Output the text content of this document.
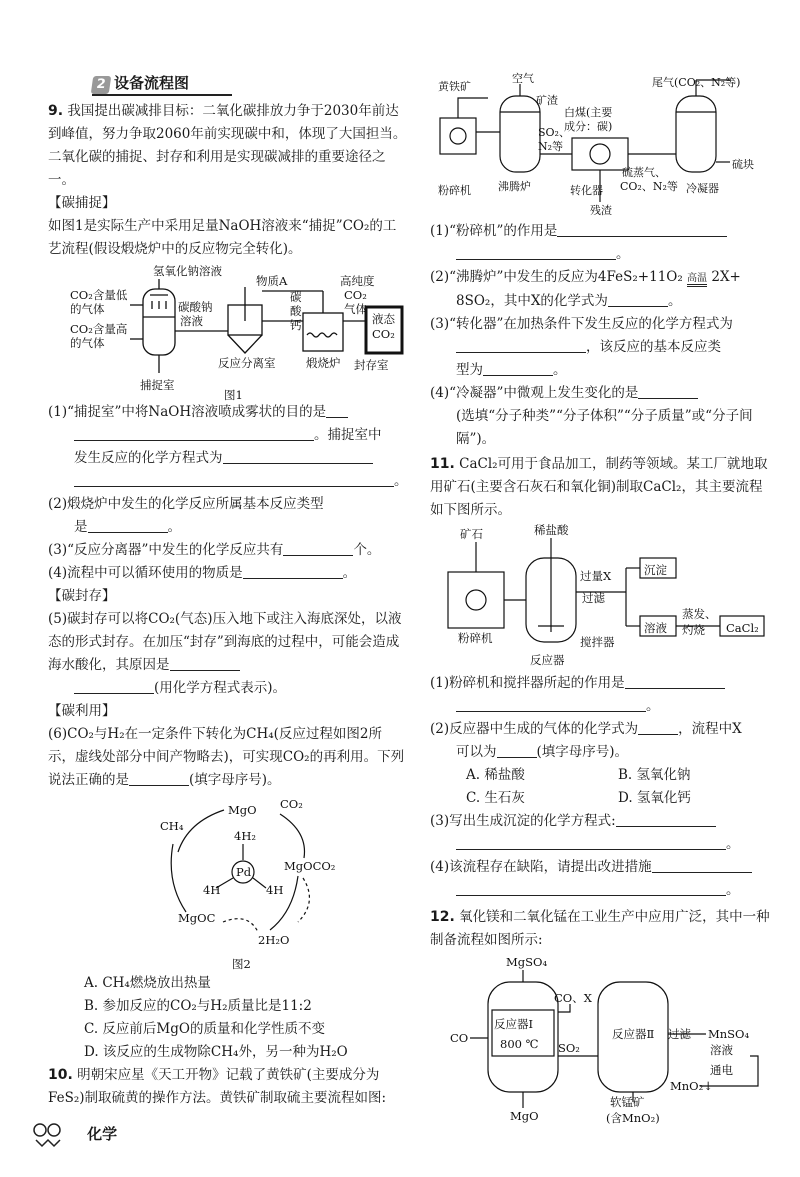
2 设备流程图

9. 我国提出碳减排目标：二氧化碳排放力争于2030年前达到峰值，努力争取2060年前实现碳中和，体现了大国担当。二氧化碳的捕捉、封存和利用是实现碳减排的重要途径之一。

【碳捕捉】

如图1是实际生产中采用足量NaOH溶液来“捕捉”CO₂的工艺流程(假设煅烧炉中的反应物完全转化)。

氢氧化钠溶液
物质A
CO₂含量低
的气体
CO₂含量高
的气体
碳酸钠
溶液
碳
酸
钙
高纯度
CO₂
气体
液态
CO₂
捕捉室
反应分离室	煅烧炉 封存室
图1

(1)“捕捉室”中将NaOH溶液喷成雾状的目的是

。捕捉室中

发生反应的化学方程式为

。

(2)煅烧炉中发生的化学反应所属基本反应类型

是	。

(3)“反应分离器”中发生的化学反应共有	个。

(4)流程中可以循环使用的物质是	。

【碳封存】

(5)碳封存可以将CO₂(气态)压入地下或注入海底深处，以液态的形式封存。在加压“封存”到海底的过程中，可能会造成海水酸化，其原因是

(用化学方程式表示)。

【碳利用】

(6)CO₂与H₂在一定条件下转化为CH₄(反应过程如图2所示，虚线处部分中间产物略去)，可实现CO₂的再利用。下列说法正确的是	(填字母序号)。

MgO CO₂
CH₄
4H₂
Pd	MgOCO₂
4H	4H
MgOC
2H₂O
图2

A. CH₄燃烧放出热量

B. 参加反应的CO₂与H₂质量比是11:2

C. 反应前后MgO的质量和化学性质不变

D. 该反应的生成物除CH₄外，另一种为H₂O

10. 明朝宋应星《天工开物》记载了黄铁矿(主要成分为FeS₂)制取硫黄的操作方法。黄铁矿制取硫主要流程如图:

黄铁矿
空气
矿渣
白煤(主要
成分：碳)
尾气(CO₂、N₂等)
SO₂、
N₂等
硫蒸气、
CO₂、N₂等
硫块
粉碎机 沸腾炉	转化器
残渣
冷凝器

(1)“粉碎机”的作用是

。

(2)“沸腾炉”中发生的反应为4FeS₂+11O₂ 高温 2X+

8SO₂，其中X的化学式为	。

(3)“转化器”在加热条件下发生反应的化学方程式为

，该反应的基本反应类

型为	。

(4)“冷凝器”中微观上发生变化的是

(选填“分子种类”“分子体积”“分子质量”或“分子间隔”)。

11. CaCl₂可用于食品加工，制药等领域。某工厂就地取用矿石(主要含石灰石和氧化铜)制取CaCl₂，其主要流程如下图所示。

矿石	稀盐酸
过量X
过滤
沉淀
蒸发、
灼烧
溶液	CaCl₂
粉碎机
反应器
搅拌器

(1)粉碎机和搅拌器所起的作用是

。

(2)反应器中生成的气体的化学式为	，流程中X

可以为	(填字母序号)。

A. 稀盐酸	B. 氢氧化钠
C. 生石灰	D. 氢氧化钙

(3)写出生成沉淀的化学方程式:

。

(4)该流程存在缺陷，请提出改进措施

。

12. 氧化镁和二氧化锰在工业生产中应用广泛，其中一种制备流程如图所示:

MgSO₄
CO
CO、X
反应器Ⅰ
800 ℃ SO₂
反应器Ⅱ 过滤 MnSO₄
溶液
通电
MnO₂↓
MgO
软锰矿
(含MnO₂)
化学
